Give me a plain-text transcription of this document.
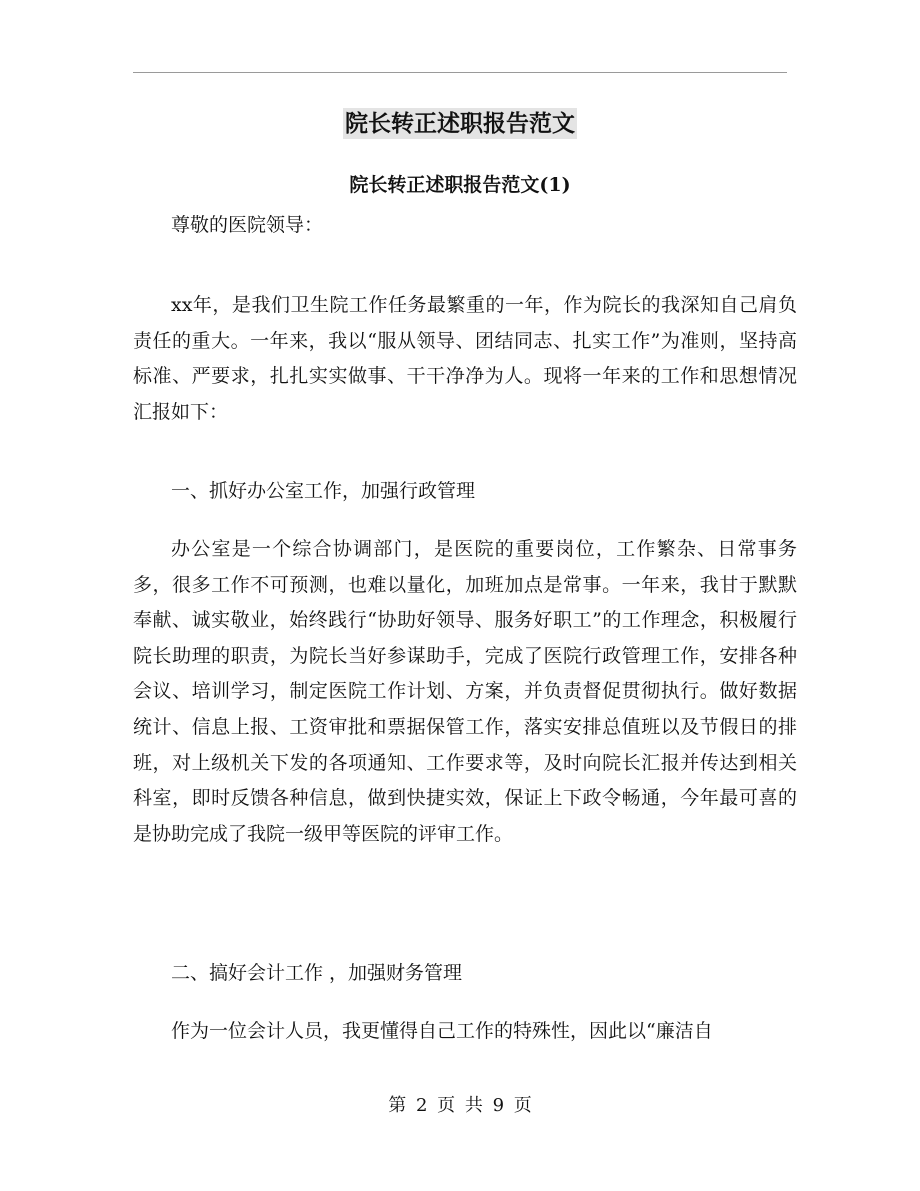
院长转正述职报告范文
院长转正述职报告范文(1)

尊敬的医院领导：

xx年，是我们卫生院工作任务最繁重的一年，作为院长的我深知自己肩负责任的重大。一年来，我以“服从领导、团结同志、扎实工作”为准则，坚持高标准、严要求，扎扎实实做事、干干净净为人。现将一年来的工作和思想情况汇报如下：

一、抓好办公室工作，加强行政管理

办公室是一个综合协调部门，是医院的重要岗位，工作繁杂、日常事务多，很多工作不可预测，也难以量化，加班加点是常事。一年来，我甘于默默奉献、诚实敬业，始终践行“协助好领导、服务好职工”的工作理念，积极履行院长助理的职责，为院长当好参谋助手，完成了医院行政管理工作，安排各种会议、培训学习，制定医院工作计划、方案，并负责督促贯彻执行。做好数据统计、信息上报、工资审批和票据保管工作，落实安排总值班以及节假日的排班，对上级机关下发的各项通知、工作要求等，及时向院长汇报并传达到相关科室，即时反馈各种信息，做到快捷实效，保证上下政令畅通，今年最可喜的是协助完成了我院一级甲等医院的评审工作。

二、搞好会计工作 ，加强财务管理

作为一位会计人员，我更懂得自己工作的特殊性，因此以“廉洁自

第 2 页 共 9 页
